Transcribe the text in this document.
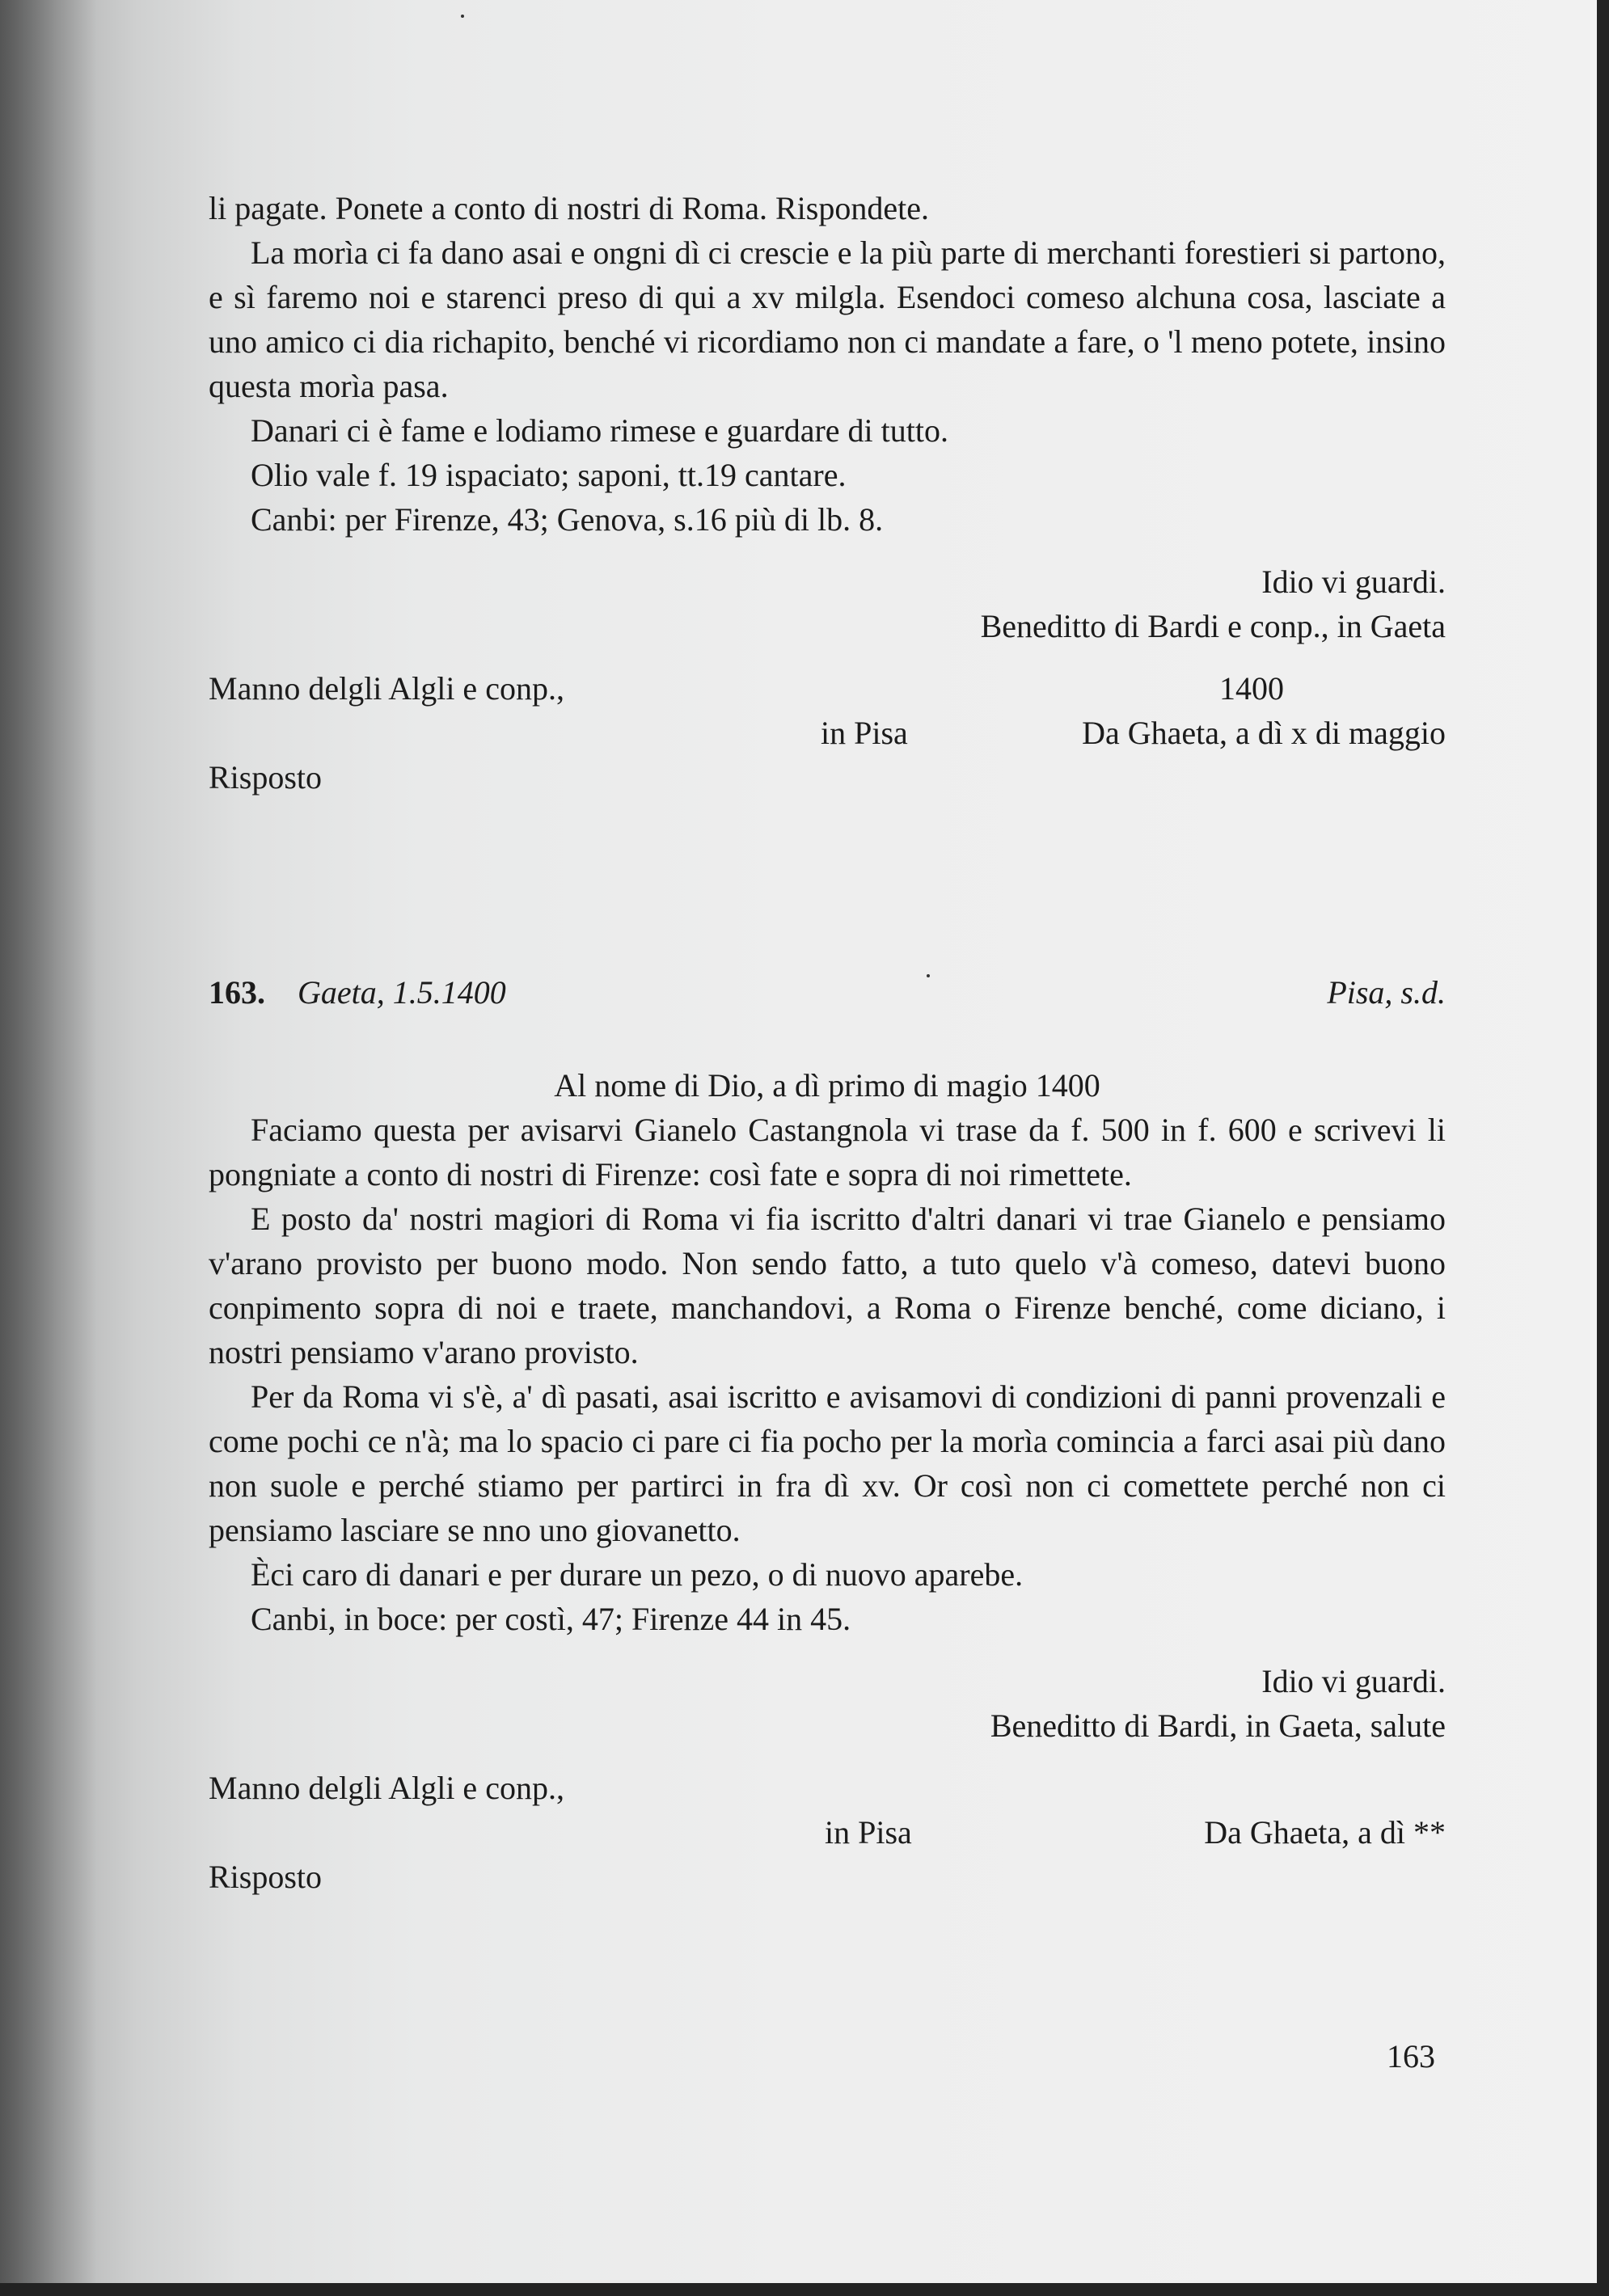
li pagate. Ponete a conto di nostri di Roma. Rispondete.

La morìa ci fa dano asai e ongni dì ci crescie e la più parte di merchanti forestieri si partono, e sì faremo noi e starenci preso di qui a xv milgla. Esendoci comeso alchuna cosa, lasciate a uno amico ci dia richapito, benché vi ricordiamo non ci mandate a fare, o 'l meno potete, insino questa morìa pasa.

Danari ci è fame e lodiamo rimese e guardare di tutto.

Olio vale f. 19 ispaciato; saponi, tt.19 cantare.

Canbi: per Firenze, 43; Genova, s.16 più di lb. 8.

Idio vi guardi.
Beneditto di Bardi e conp., in Gaeta
Manno delgli Algli e conp.,	1400
in Pisa	Da Ghaeta, a dì x di maggio
Risposto
163. Gaeta, 1.5.1400	Pisa, s.d.
Al nome di Dio, a dì primo di magio 1400

Faciamo questa per avisarvi Gianelo Castangnola vi trase da f. 500 in f. 600 e scrivevi li pongniate a conto di nostri di Firenze: così fate e sopra di noi rimettete.

E posto da' nostri magiori di Roma vi fia iscritto d'altri danari vi trae Gianelo e pensiamo v'arano provisto per buono modo. Non sendo fatto, a tuto quelo v'à comeso, datevi buono conpimento sopra di noi e traete, manchandovi, a Roma o Firenze benché, come diciano, i nostri pensiamo v'arano provisto.

Per da Roma vi s'è, a' dì pasati, asai iscritto e avisamovi di condizioni di panni provenzali e come pochi ce n'à; ma lo spacio ci pare ci fia pocho per la morìa comincia a farci asai più dano non suole e perché stiamo per partirci in fra dì xv. Or così non ci comettete perché non ci pensiamo lasciare se nno uno giovanetto.

Èci caro di danari e per durare un pezo, o di nuovo aparebe.

Canbi, in boce: per costì, 47; Firenze 44 in 45.

Idio vi guardi.
Beneditto di Bardi, in Gaeta, salute
Manno delgli Algli e conp.,
in Pisa	Da Ghaeta, a dì **
Risposto
163
